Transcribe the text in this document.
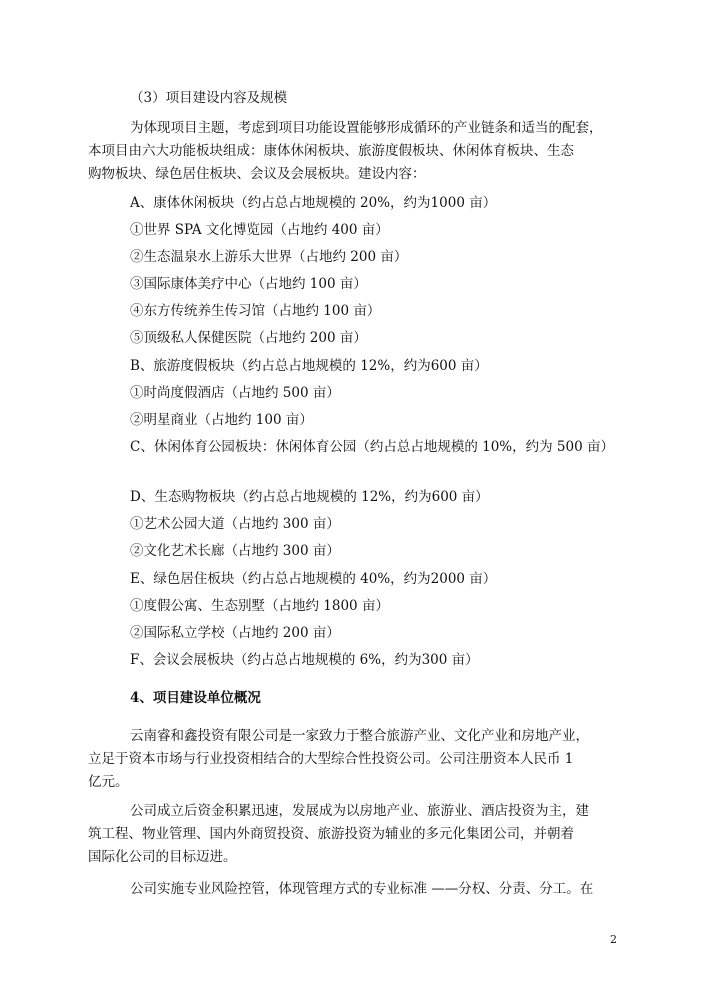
（3）项目建设内容及规模
为体现项目主题，考虑到项目功能设置能够形成循环的产业链条和适当的配套，
本项目由六大功能板块组成：康体休闲板块、旅游度假板块、休闲体育板块、生态
购物板块、绿色居住板块、会议及会展板块。建设内容：
A、康体休闲板块（约占总占地规模的 20%，约为1000 亩）
①世界 SPA 文化博览园（占地约 400 亩）
②生态温泉水上游乐大世界（占地约 200 亩）
③国际康体美疗中心（占地约 100 亩）
④东方传统养生传习馆（占地约 100 亩）
⑤顶级私人保健医院（占地约 200 亩）
B、旅游度假板块（约占总占地规模的 12%，约为600 亩）
①时尚度假酒店（占地约 500 亩）
②明星商业（占地约 100 亩）
C、休闲体育公园板块：休闲体育公园（约占总占地规模的 10%，约为 500 亩）
D、生态购物板块（约占总占地规模的 12%，约为600 亩）
①艺术公园大道（占地约 300 亩）
②文化艺术长廊（占地约 300 亩）
E、绿色居住板块（约占总占地规模的 40%，约为2000 亩）
①度假公寓、生态别墅（占地约 1800 亩）
②国际私立学校（占地约 200 亩）
F、会议会展板块（约占总占地规模的 6%，约为300 亩）
4、项目建设单位概况
云南睿和鑫投资有限公司是一家致力于整合旅游产业、文化产业和房地产业，
立足于资本市场与行业投资相结合的大型综合性投资公司。公司注册资本人民币 1
亿元。
公司成立后资金积累迅速，发展成为以房地产业、旅游业、酒店投资为主，建
筑工程、物业管理、国内外商贸投资、旅游投资为辅业的多元化集团公司，并朝着
国际化公司的目标迈进。
公司实施专业风险控管，体现管理方式的专业标准 ——分权、分责、分工。在
2
